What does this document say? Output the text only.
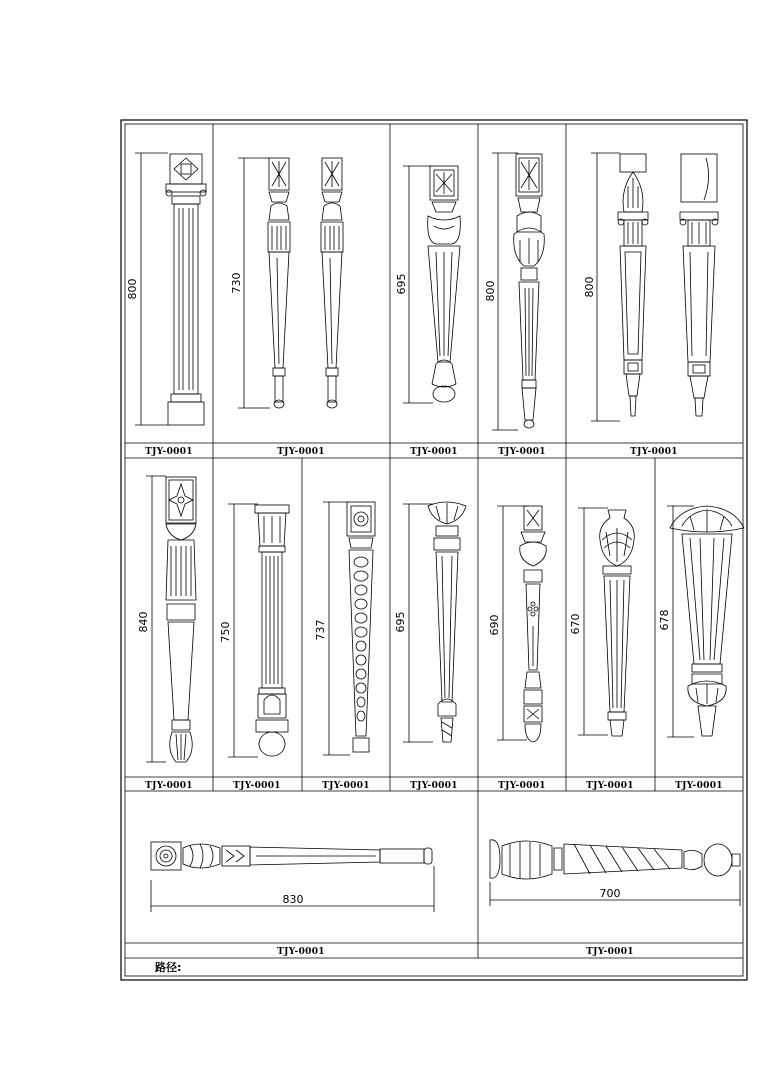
TJY-0001	TJY-0001	TJY-0001	TJY-0001	TJY-0001
800	730	695	800	800
TJY-0001	TJY-0001	TJY-0001	TJY-0001	TJY-0001	TJY-0001	TJY-0001
840	750	737	695	690	670	678
830	700
TJY-0001	TJY-0001
路径:
